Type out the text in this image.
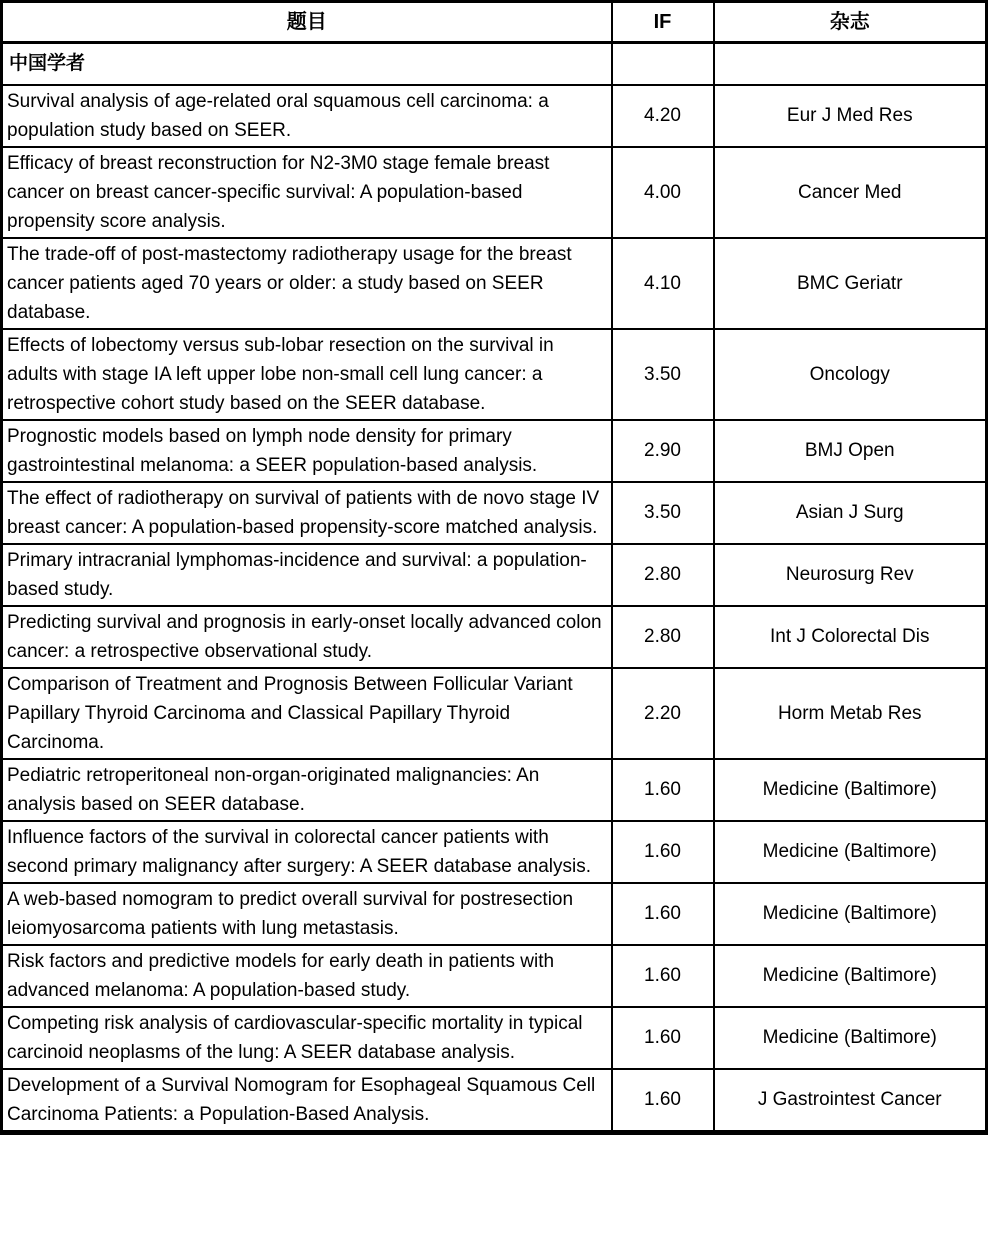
题目	IF	杂志
中国学者		
Survival analysis of age-related oral squamous cell carcinoma: a population study based on SEER.	4.20	Eur J Med Res
Efficacy of breast reconstruction for N2-3M0 stage female breast cancer on breast cancer-specific survival: A population-based propensity score analysis.	4.00	Cancer Med
The trade-off of post-mastectomy radiotherapy usage for the breast cancer patients aged 70 years or older: a study based on SEER database.	4.10	BMC Geriatr
Effects of lobectomy versus sub-lobar resection on the survival in adults with stage IA left upper lobe non-small cell lung cancer: a retrospective cohort study based on the SEER database.	3.50	Oncology
Prognostic models based on lymph node density for primary gastrointestinal melanoma: a SEER population-based analysis.	2.90	BMJ Open
The effect of radiotherapy on survival of patients with de novo stage IV breast cancer: A population-based propensity-score matched analysis.	3.50	Asian J Surg
Primary intracranial lymphomas-incidence and survival: a population-based study.	2.80	Neurosurg Rev
Predicting survival and prognosis in early-onset locally advanced colon cancer: a retrospective observational study.	2.80	Int J Colorectal Dis
Comparison of Treatment and Prognosis Between Follicular Variant Papillary Thyroid Carcinoma and Classical Papillary Thyroid Carcinoma.	2.20	Horm Metab Res
Pediatric retroperitoneal non-organ-originated malignancies: An analysis based on SEER database.	1.60	Medicine (Baltimore)
Influence factors of the survival in colorectal cancer patients with second primary malignancy after surgery: A SEER database analysis.	1.60	Medicine (Baltimore)
A web-based nomogram to predict overall survival for postresection leiomyosarcoma patients with lung metastasis.	1.60	Medicine (Baltimore)
Risk factors and predictive models for early death in patients with advanced melanoma: A population-based study.	1.60	Medicine (Baltimore)
Competing risk analysis of cardiovascular-specific mortality in typical carcinoid neoplasms of the lung: A SEER database analysis.	1.60	Medicine (Baltimore)
Development of a Survival Nomogram for Esophageal Squamous Cell Carcinoma Patients: a Population-Based Analysis.	1.60	J Gastrointest Cancer
